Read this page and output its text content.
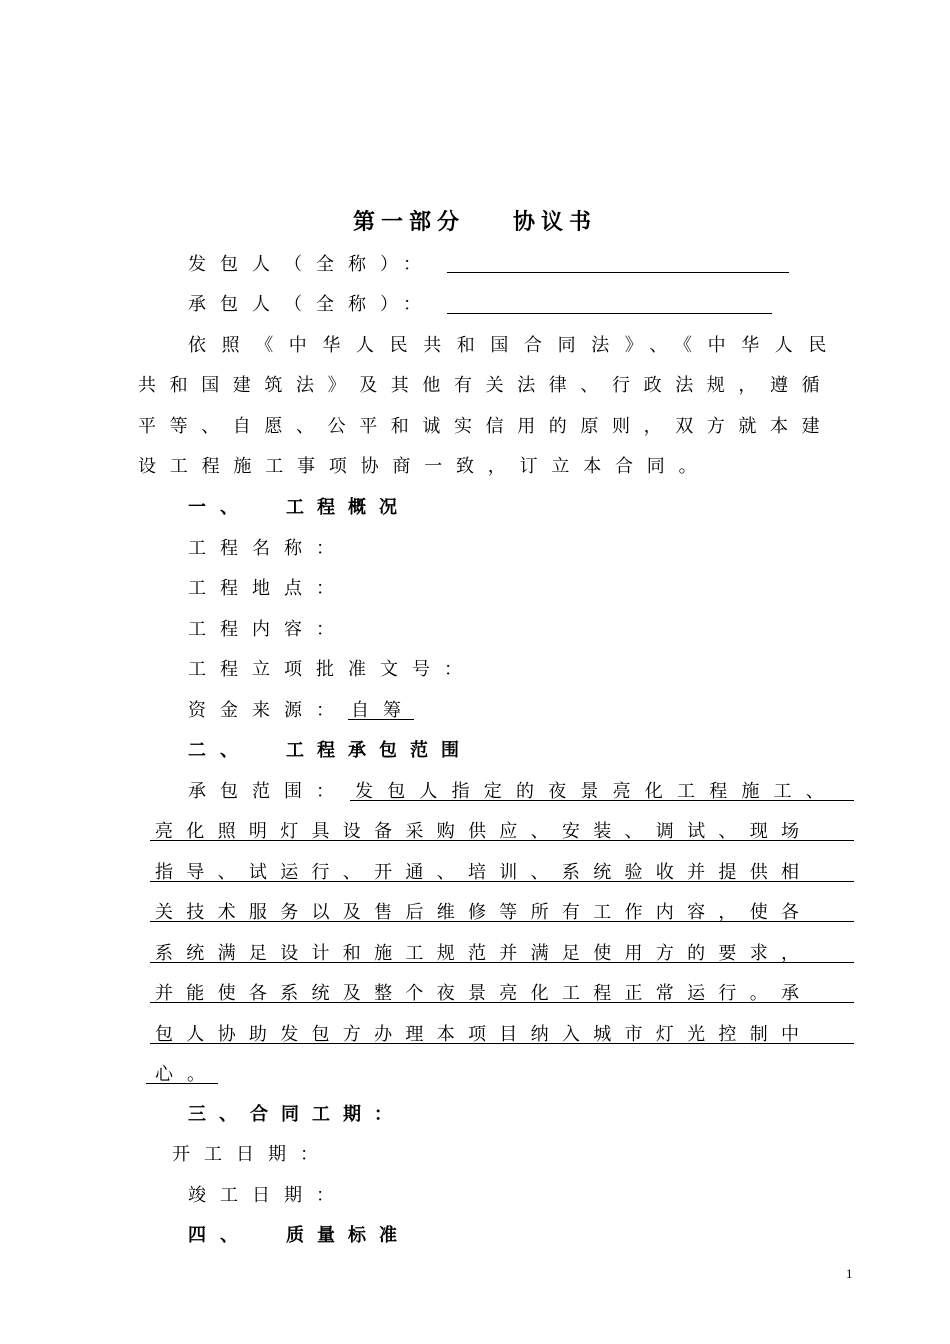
第一部分 协议书
发包人（全称）：
承包人（全称）：
依照《中华人民共和国合同法》、《中华人民
共和国建筑法》及其他有关法律、行政法规，遵循
平等、自愿、公平和诚实信用的原则，双方就本建
设工程施工事项协商一致，订立本合同。
一、 工程概况
工程名称：
工程地点：
工程内容：
工程立项批准文号：
资金来源： 自筹
二、 工程承包范围
承包范围： 发包人指定的夜景亮化工程施工、
亮化照明灯具设备采购供应、安装、调试、现场
指导、试运行、开通、培训、系统验收并提供相
关技术服务以及售后维修等所有工作内容，使各
系统满足设计和施工规范并满足使用方的要求，
并能使各系统及整个夜景亮化工程正常运行。承
包人协助发包方办理本项目纳入城市灯光控制中
心。
三、合同工期：
开工日期：
竣工日期：
四、 质量标准
1
